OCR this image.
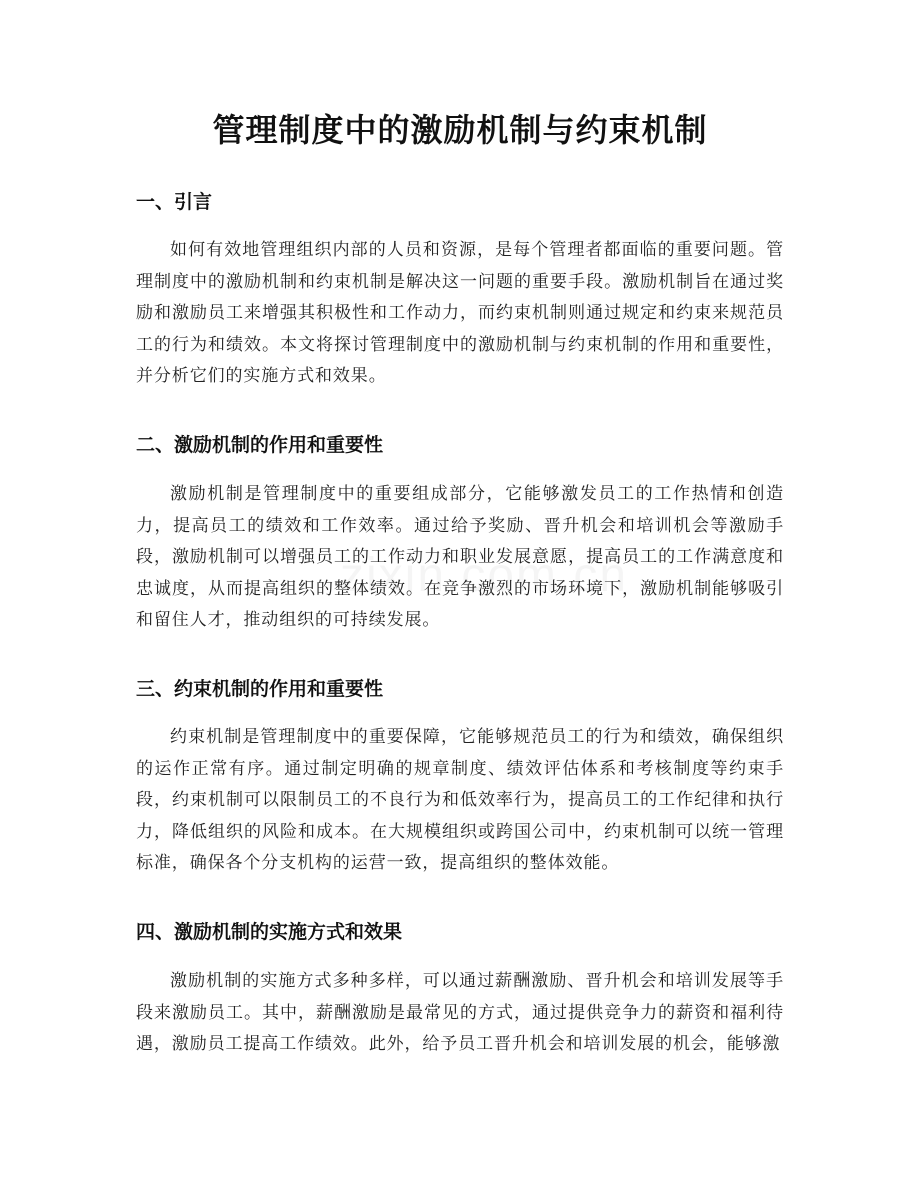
管理制度中的激励机制与约束机制
一、引言

如何有效地管理组织内部的人员和资源，是每个管理者都面临的重要问题。管理制度中的激励机制和约束机制是解决这一问题的重要手段。激励机制旨在通过奖励和激励员工来增强其积极性和工作动力，而约束机制则通过规定和约束来规范员工的行为和绩效。本文将探讨管理制度中的激励机制与约束机制的作用和重要性，并分析它们的实施方式和效果。

二、激励机制的作用和重要性

激励机制是管理制度中的重要组成部分，它能够激发员工的工作热情和创造力，提高员工的绩效和工作效率。通过给予奖励、晋升机会和培训机会等激励手段，激励机制可以增强员工的工作动力和职业发展意愿，提高员工的工作满意度和忠诚度，从而提高组织的整体绩效。在竞争激烈的市场环境下，激励机制能够吸引和留住人才，推动组织的可持续发展。

三、约束机制的作用和重要性

约束机制是管理制度中的重要保障，它能够规范员工的行为和绩效，确保组织的运作正常有序。通过制定明确的规章制度、绩效评估体系和考核制度等约束手段，约束机制可以限制员工的不良行为和低效率行为，提高员工的工作纪律和执行力，降低组织的风险和成本。在大规模组织或跨国公司中，约束机制可以统一管理标准，确保各个分支机构的运营一致，提高组织的整体效能。

四、激励机制的实施方式和效果

激励机制的实施方式多种多样，可以通过薪酬激励、晋升机会和培训发展等手段来激励员工。其中，薪酬激励是最常见的方式，通过提供竞争力的薪资和福利待遇，激励员工提高工作绩效。此外，给予员工晋升机会和培训发展的机会，能够激
